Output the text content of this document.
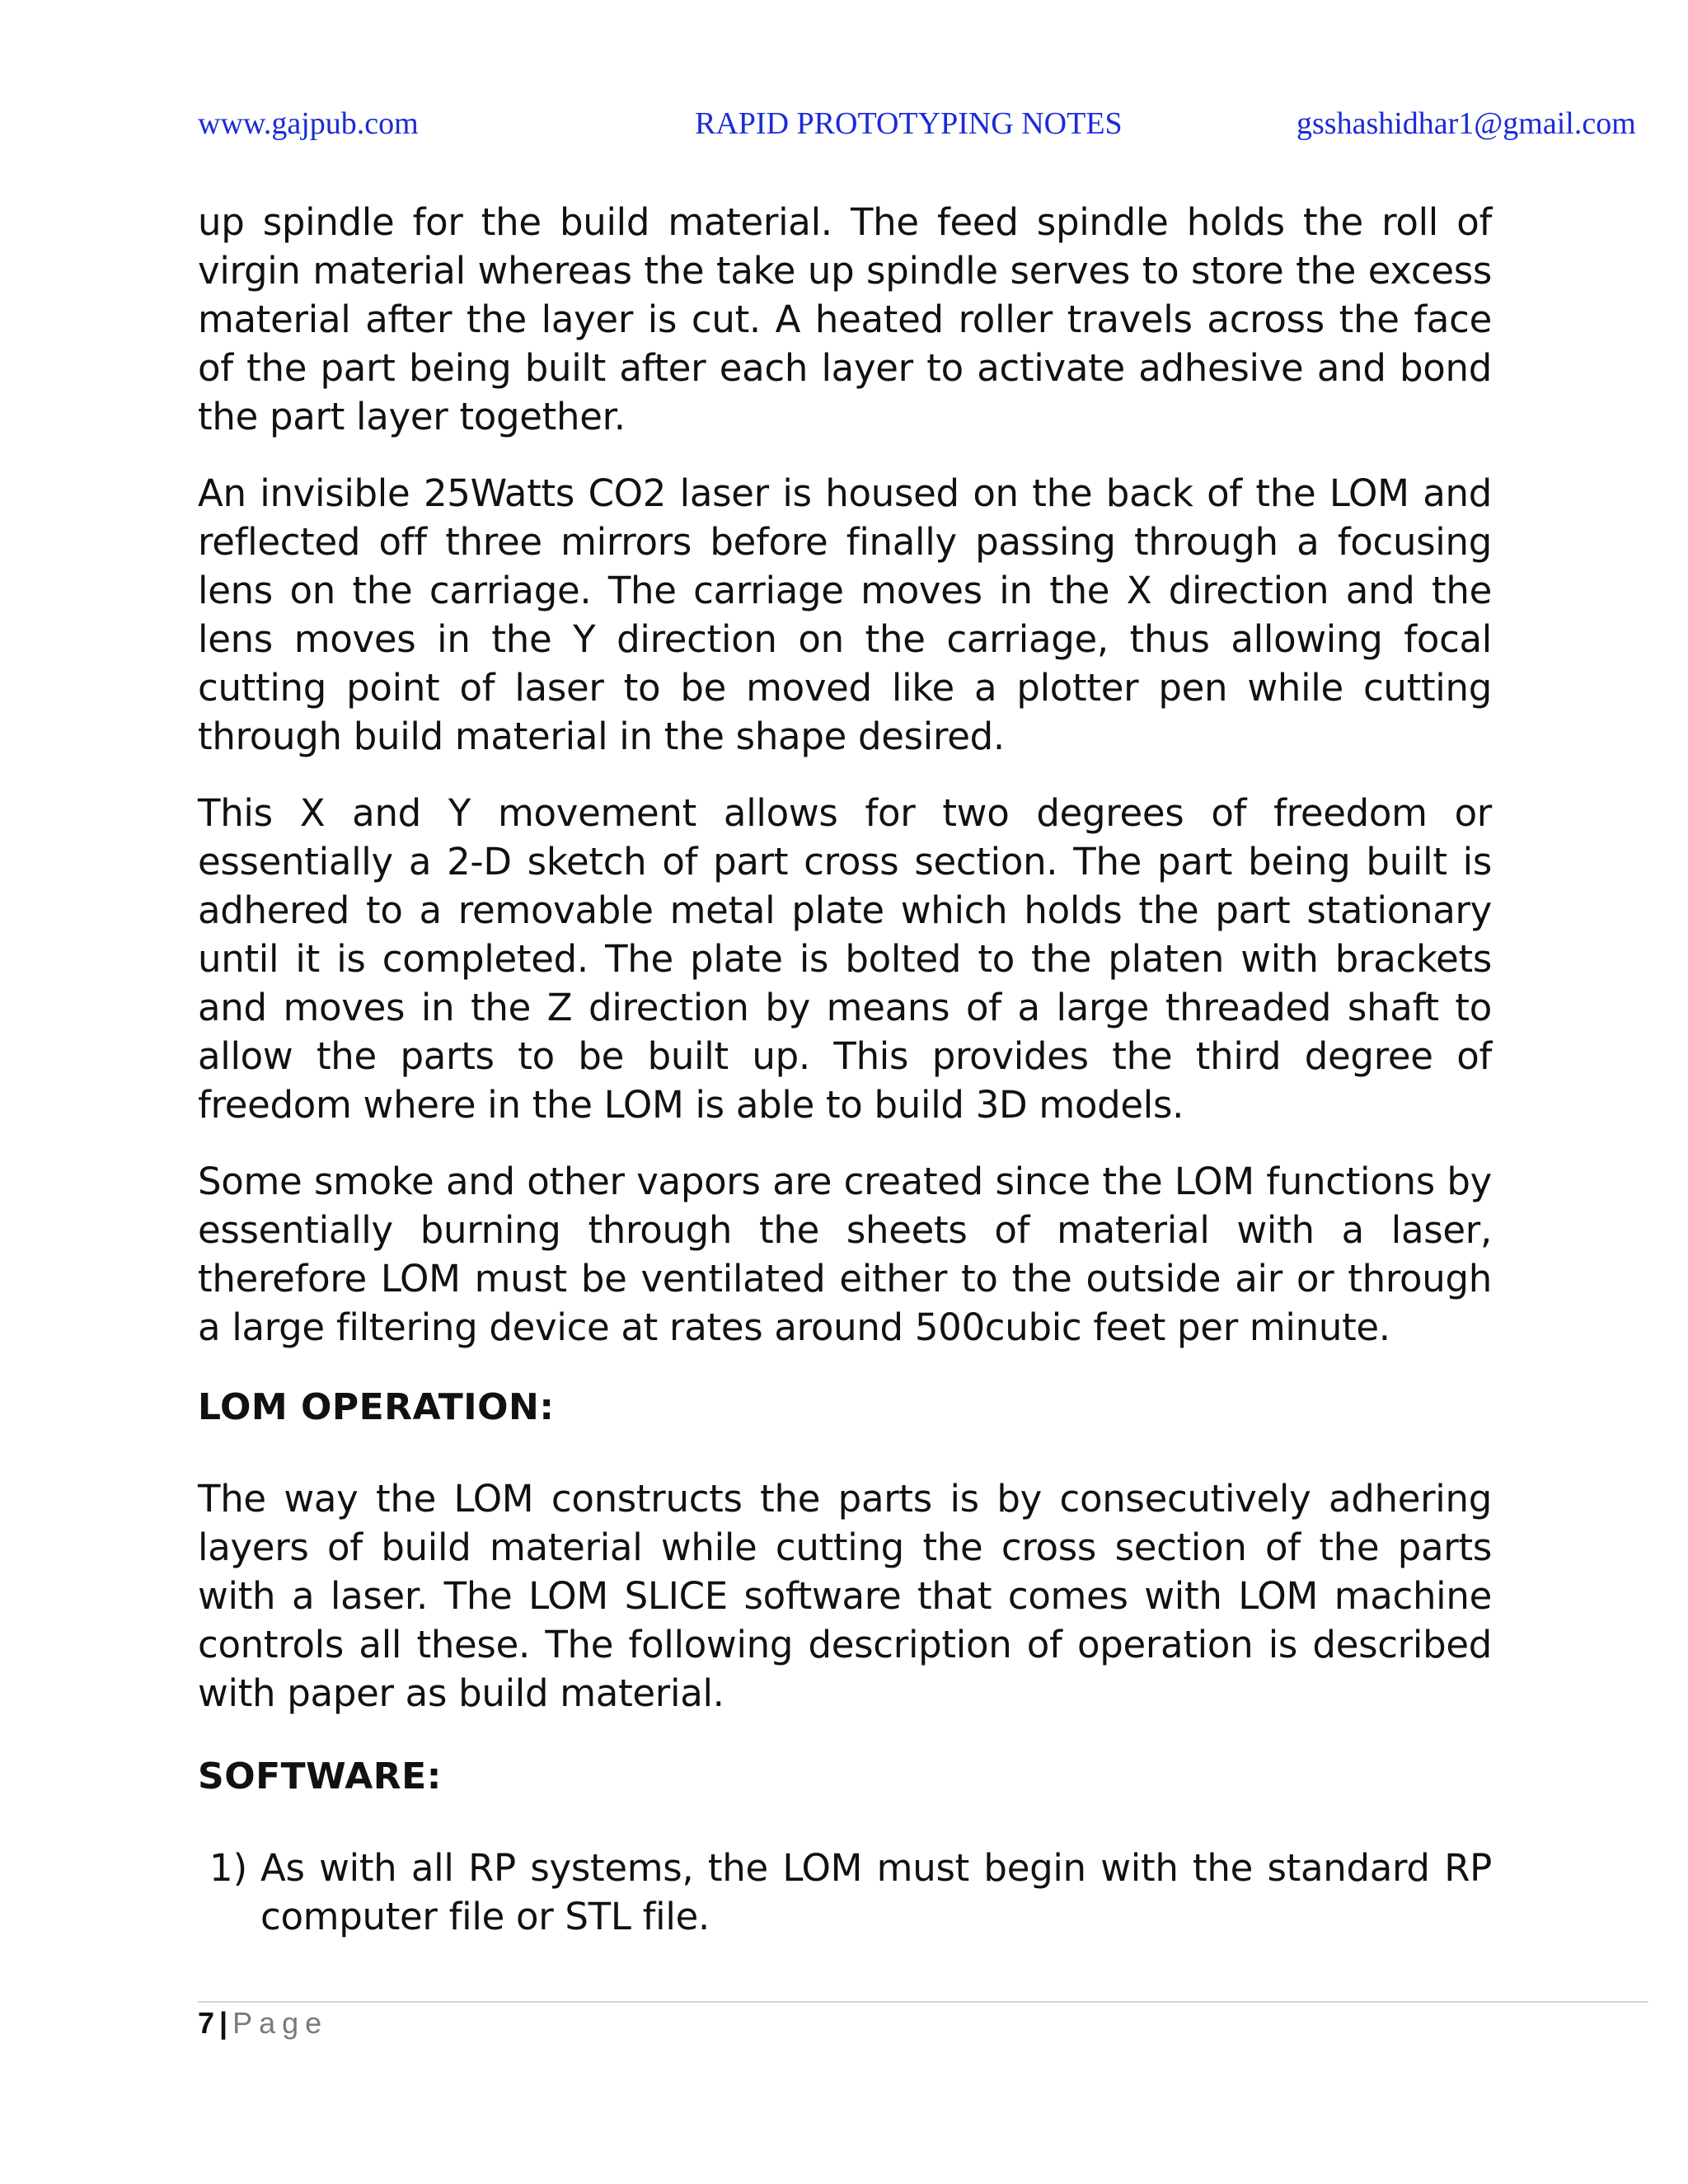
www.gajpub.com	RAPID PROTOTYPING NOTES	gsshashidhar1@gmail.com

up spindle for the build material. The feed spindle holds the roll of virgin material whereas the take up spindle serves to store the excess material after the layer is cut. A heated roller travels across the face of the part being built after each layer to activate adhesive and bond the part layer together.

An invisible 25Watts CO2 laser is housed on the back of the LOM and reflected off three mirrors before finally passing through a focusing lens on the carriage. The carriage moves in the X direction and the lens moves in the Y direction on the carriage, thus allowing focal cutting point of laser to be moved like a plotter pen while cutting through build material in the shape desired.

This X and Y movement allows for two degrees of freedom or essentially a 2-D sketch of part cross section. The part being built is adhered to a removable metal plate which holds the part stationary until it is completed. The plate is bolted to the platen with brackets and moves in the Z direction by means of a large threaded shaft to allow the parts to be built up. This provides the third degree of freedom where in the LOM is able to build 3D models.

Some smoke and other vapors are created since the LOM functions by essentially burning through the sheets of material with a laser, therefore LOM must be ventilated either to the outside air or through a large filtering device at rates around 500cubic feet per minute.

LOM OPERATION:

The way the LOM constructs the parts is by consecutively adhering layers of build material while cutting the cross section of the parts with a laser. The LOM SLICE software that comes with LOM machine controls all these. The following description of operation is described with paper as build material.

SOFTWARE:
1) As with all RP systems, the LOM must begin with the standard RP computer file or STL file.

7 | Page
